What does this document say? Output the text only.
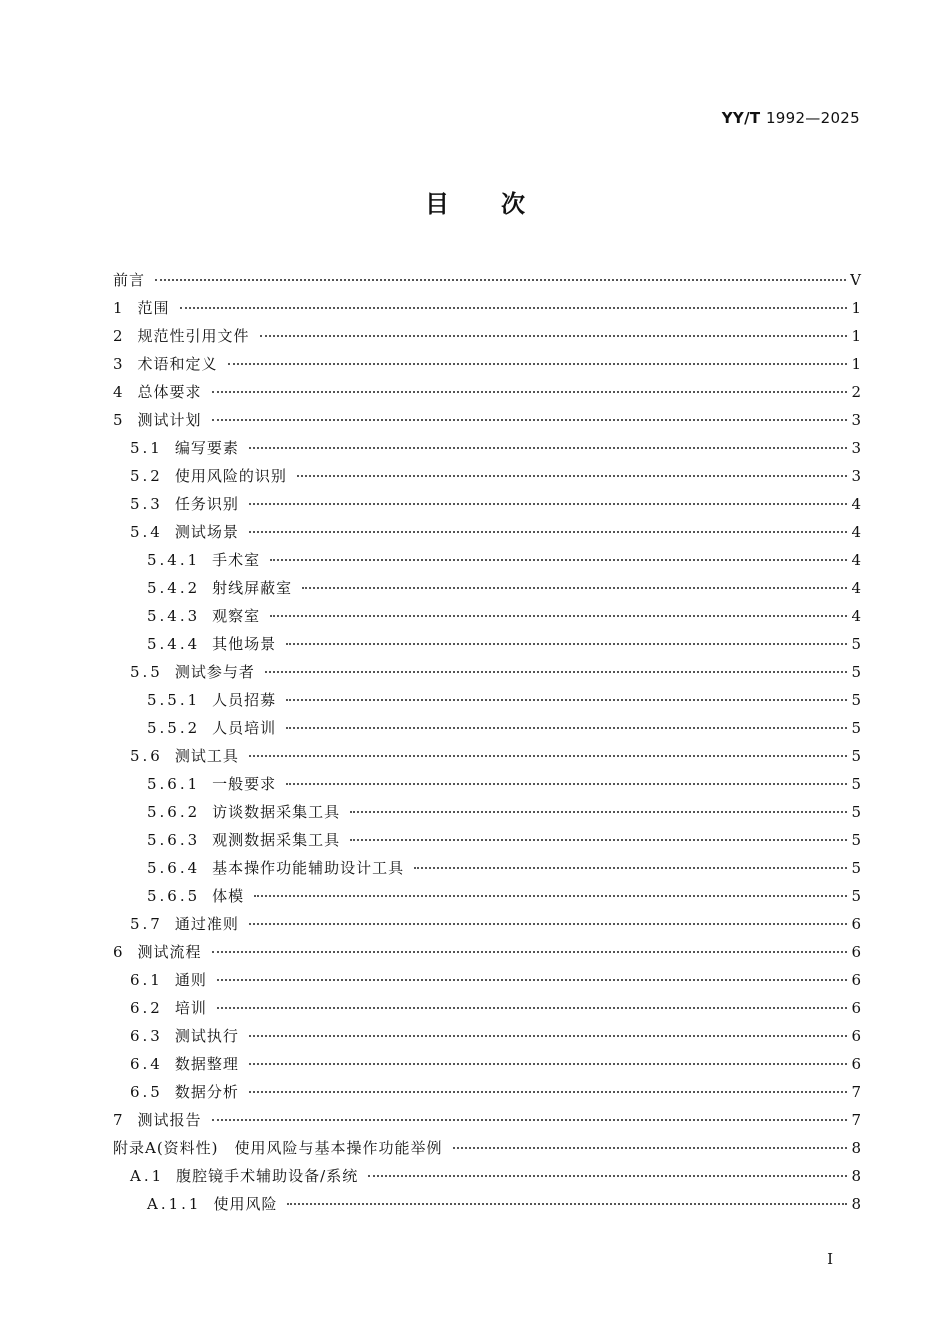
YY/T 1992—2025
目次
前言	V
1 范围	1
2 规范性引用文件	1
3 术语和定义	1
4 总体要求	2
5 测试计划	3
5.1 编写要素	3
5.2 使用风险的识别	3
5.3 任务识别	4
5.4 测试场景	4
5.4.1 手术室	4
5.4.2 射线屏蔽室	4
5.4.3 观察室	4
5.4.4 其他场景	5
5.5 测试参与者	5
5.5.1 人员招募	5
5.5.2 人员培训	5
5.6 测试工具	5
5.6.1 一般要求	5
5.6.2 访谈数据采集工具	5
5.6.3 观测数据采集工具	5
5.6.4 基本操作功能辅助设计工具	5
5.6.5 体模	5
5.7 通过准则	6
6 测试流程	6
6.1 通则	6
6.2 培训	6
6.3 测试执行	6
6.4 数据整理	6
6.5 数据分析	7
7 测试报告	7
附录A(资料性)　使用风险与基本操作功能举例	8
A.1 腹腔镜手术辅助设备/系统	8
A.1.1 使用风险	8
I
